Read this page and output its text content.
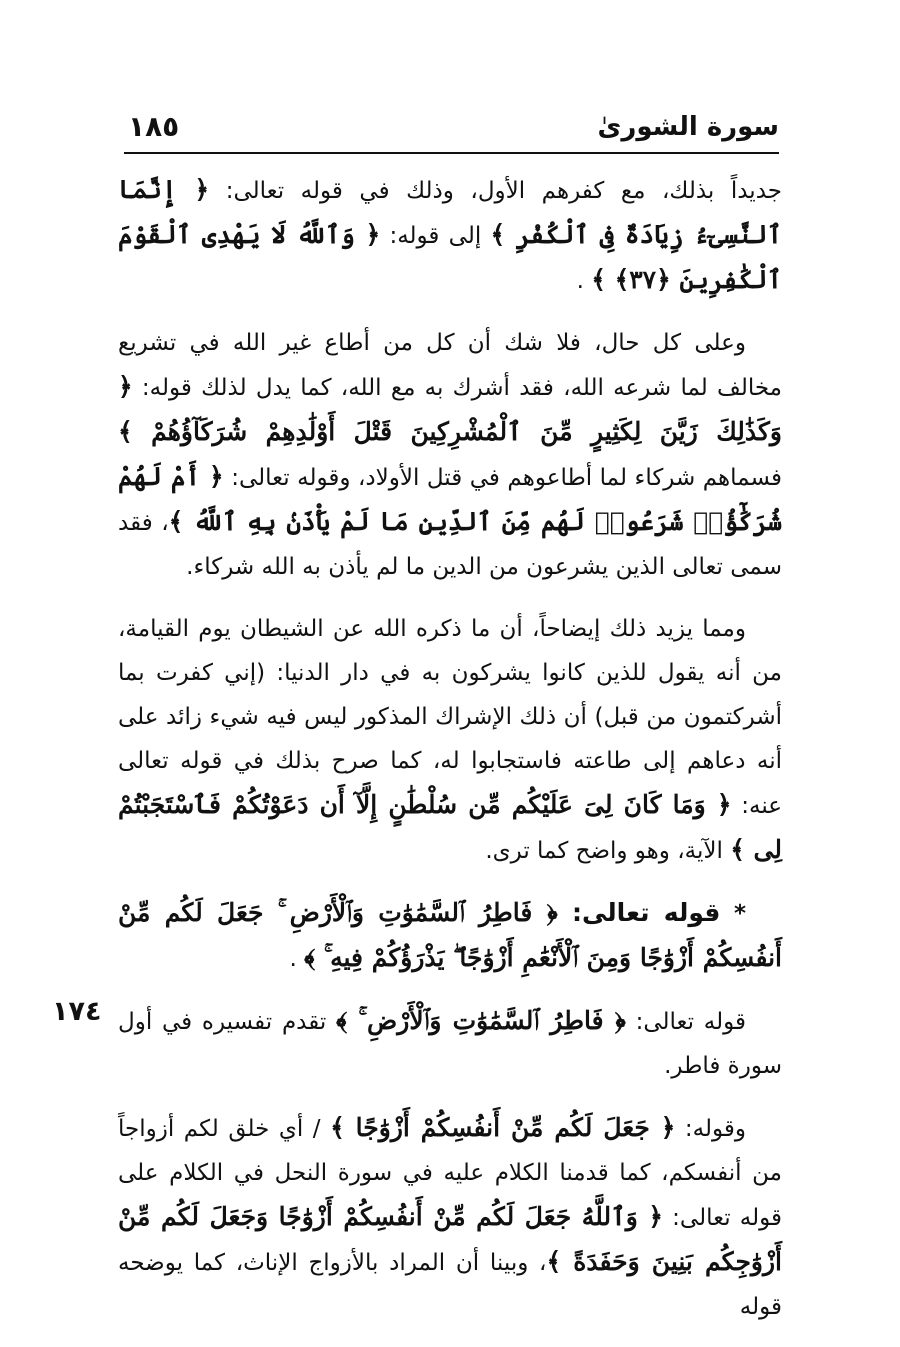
سورة الشورىٰ
١٨٥
١٧٤

جديداً بذلك، مع كفرهم الأول، وذلك في قوله تعالى: ﴿ إِنَّمَا ٱلنَّسِىٓءُ زِيَادَةٌ فِى ٱلْكُفْرِ ﴾ إلى قوله: ﴿ وَٱللَّهُ لَا يَهْدِى ٱلْقَوْمَ ٱلْكَٰفِرِينَ ﴿٣٧﴾ ﴾ .

وعلى كل حال، فلا شك أن كل من أطاع غير الله في تشريع مخالف لما شرعه الله، فقد أشرك به مع الله، كما يدل لذلك قوله: ﴿ وَكَذَٰلِكَ زَيَّنَ لِكَثِيرٍ مِّنَ ٱلْمُشْرِكِينَ قَتْلَ أَوْلَٰدِهِمْ شُرَكَآؤُهُمْ ﴾ فسماهم شركاء لما أطاعوهم في قتل الأولاد، وقوله تعالى: ﴿ أَمْ لَهُمْ شُرَكَٰٓؤُا۟ شَرَعُوا۟ لَهُم مِّنَ ٱلدِّينِ مَا لَمْ يَأْذَنۢ بِهِ ٱللَّهُ ﴾، فقد سمى تعالى الذين يشرعون من الدين ما لم يأذن به الله شركاء.

ومما يزيد ذلك إيضاحاً، أن ما ذكره الله عن الشيطان يوم القيامة، من أنه يقول للذين كانوا يشركون به في دار الدنيا: (إني كفرت بما أشركتمون من قبل) أن ذلك الإشراك المذكور ليس فيه شيء زائد على أنه دعاهم إلى طاعته فاستجابوا له، كما صرح بذلك في قوله تعالى عنه: ﴿ وَمَا كَانَ لِىَ عَلَيْكُم مِّن سُلْطَٰنٍ إِلَّآ أَن دَعَوْتُكُمْ فَٱسْتَجَبْتُمْ لِى ﴾ الآية، وهو واضح كما ترى.

* قوله تعالى: ﴿ فَاطِرُ ٱلسَّمَٰوَٰتِ وَٱلْأَرْضِ ۚ جَعَلَ لَكُم مِّنْ أَنفُسِكُمْ أَزْوَٰجًا وَمِنَ ٱلْأَنْعَٰمِ أَزْوَٰجًا ۖ يَذْرَؤُكُمْ فِيهِ ۚ ﴾ .

قوله تعالى: ﴿ فَاطِرُ ٱلسَّمَٰوَٰتِ وَٱلْأَرْضِ ۚ ﴾ تقدم تفسيره في أول سورة فاطر.

وقوله: ﴿ جَعَلَ لَكُم مِّنْ أَنفُسِكُمْ أَزْوَٰجًا ﴾ / أي خلق لكم أزواجاً من أنفسكم، كما قدمنا الكلام عليه في سورة النحل في الكلام على قوله تعالى: ﴿ وَٱللَّهُ جَعَلَ لَكُم مِّنْ أَنفُسِكُمْ أَزْوَٰجًا وَجَعَلَ لَكُم مِّنْ أَزْوَٰجِكُم بَنِينَ وَحَفَدَةً ﴾، وبينا أن المراد بالأزواج الإناث، كما يوضحه قوله
